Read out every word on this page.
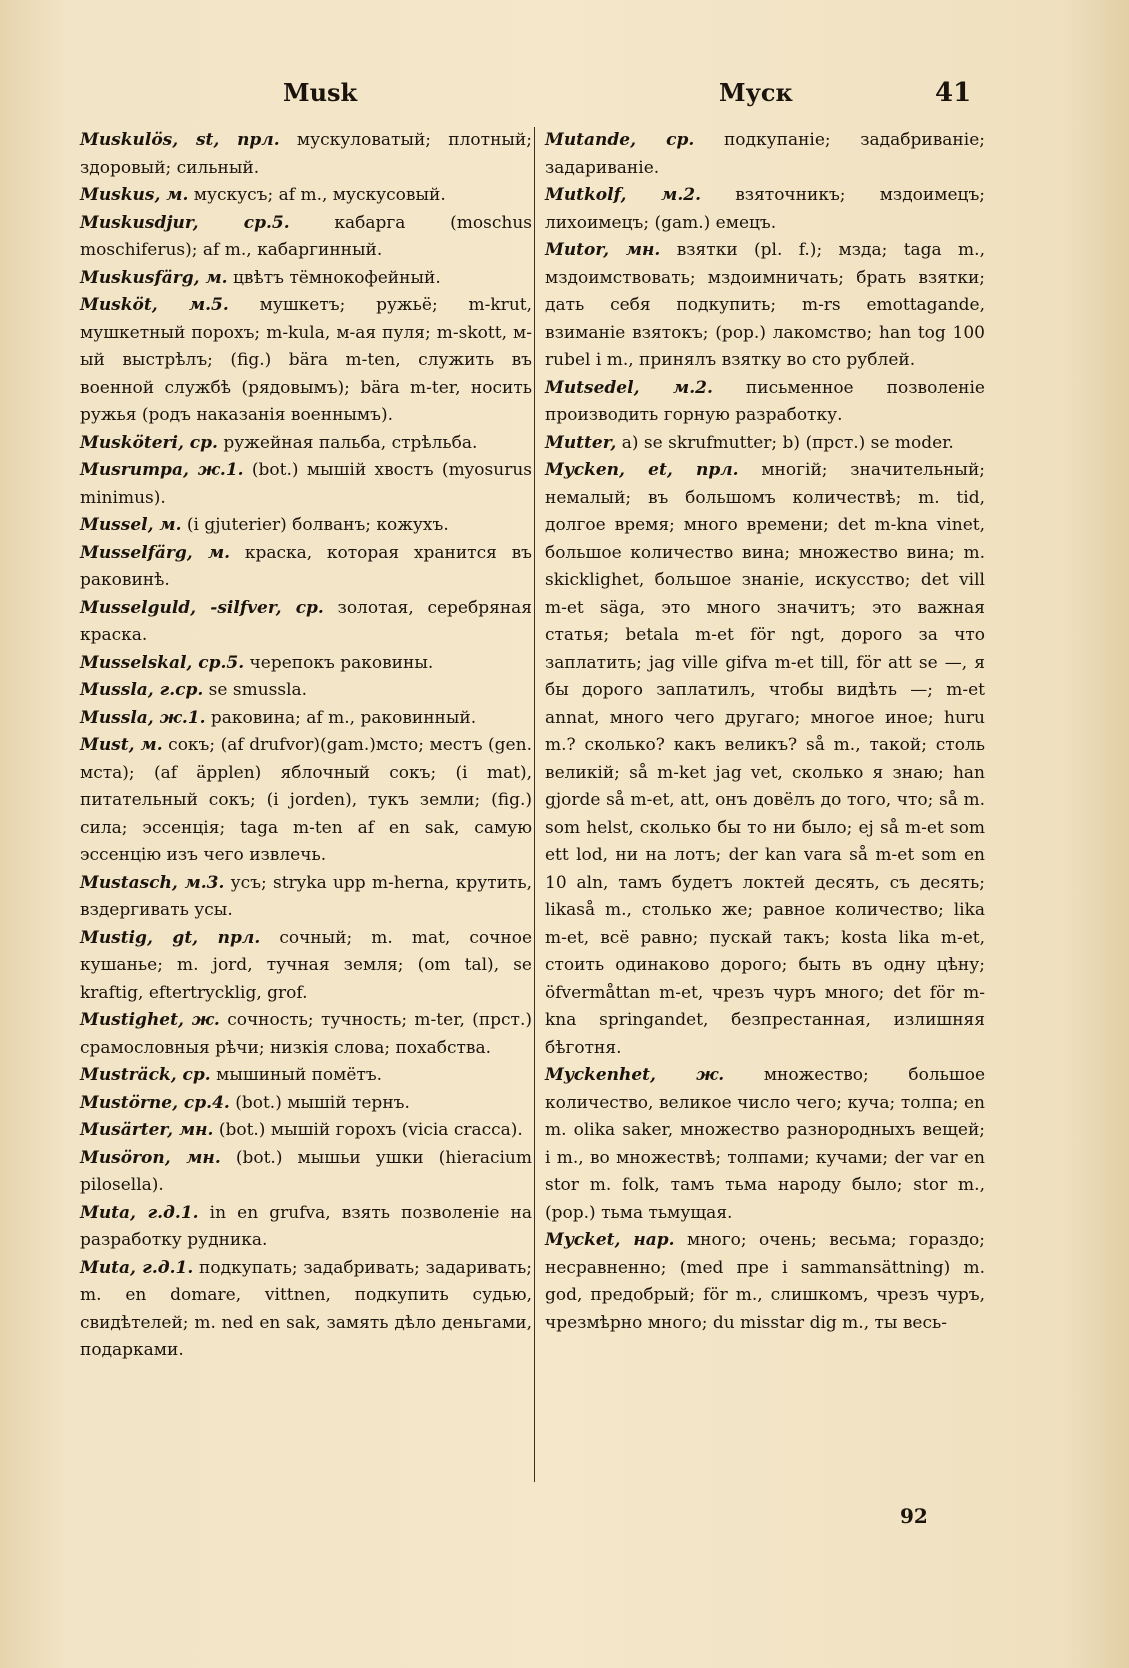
Musk	Муск	41

Muskulös, st, прл. мускуловатый; плотный; здоровый; сильный.

Muskus, м. мускусъ; af m., мускусовый.

Muskusdjur, ср.5. кабарга (moschus moschiferus); af m., кабаргинный.

Muskusfärg, м. цвѣтъ тёмнокофейный.

Musköt, м.5. мушкетъ; ружьё; m-krut, мушкетный порохъ; m-kula, м-ая пуля; m-skott, м-ый выстрѣлъ; (fig.) bära m-ten, служить въ военной службѣ (рядовымъ); bära m-ter, носить ружья (родъ наказанія военнымъ).

Musköteri, ср. ружейная пальба, стрѣльба.

Musrumpa, ж.1. (bot.) мышій хвостъ (myosurus minimus).

Mussel, м. (i gjuterier) болванъ; кожухъ.

Musselfärg, м. краска, которая хранится въ раковинѣ.

Musselguld, -silfver, ср. золотая, серебряная краска.

Musselskal, ср.5. черепокъ раковины.

Mussla, г.ср. se smussla.

Mussla, ж.1. раковина; af m., раковинный.

Must, м. сокъ; (af drufvor)(gam.)мсто; местъ (gen. мста); (af äpplen) яблочный сокъ; (i mat), питательный сокъ; (i jorden), тукъ земли; (fig.) сила; эссенція; taga m-ten af en sak, самую эссенцію изъ чего извлечь.

Mustasch, м.3. усъ; stryka upp m-herna, крутить, вздергивать усы.

Mustig, gt, прл. сочный; m. mat, сочное кушанье; m. jord, тучная земля; (om tal), se kraftig, eftertrycklig, grof.

Mustighet, ж. сочность; тучность; m-ter, (прст.) срамословныя рѣчи; низкія слова; похабства.

Musträck, ср. мышиный помётъ.

Mustörne, ср.4. (bot.) мышій тернъ.

Musärter, мн. (bot.) мышій горохъ (vicia cracca).

Musöron, мн. (bot.) мышьи ушки (hieracium pilosella).

Muta, г.д.1. in en grufva, взять позволеніе на разработку рудника.

Muta, г.д.1. подкупать; задабривать; задаривать; m. en domare, vittnen, подкупить судью, свидѣтелей; m. ned en sak, замять дѣло деньгами, подарками.

Mutande, ср. подкупаніе; задабриваніе; задариваніе.

Mutkolf, м.2. взяточникъ; мздоимецъ; лихоимецъ; (gam.) емецъ.

Mutor, мн. взятки (pl. f.); мзда; taga m., мздоимствовать; мздоимничать; брать взятки; дать себя подкупить; m-rs emottagande, взиманіе взятокъ; (pop.) лакомство; han tog 100 rubel i m., принялъ взятку во сто рублей.

Mutsedel, м.2. письменное позволеніе производить горную разработку.

Mutter, a) se skrufmutter; b) (прст.) se moder.

Mycken, et, прл. многій; значительный; немалый; въ большомъ количествѣ; m. tid, долгое время; много времени; det m-kna vinet, большое количество вина; множество вина; m. skicklighet, большое знаніе, искусство; det vill m-et säga, это много значитъ; это важная статья; betala m-et för ngt, дорого за что заплатить; jag ville gifva m-et till, för att se —, я бы дорого заплатилъ, чтобы видѣть —; m-et annat, много чего другаго; многое иное; huru m.? сколько? какъ великъ? så m., такой; столь великій; så m-ket jag vet, сколько я знаю; han gjorde så m-et, att, онъ довёлъ до того, что; så m. som helst, сколько бы то ни было; ej så m-et som ett lod, ни на лотъ; der kan vara så m-et som en 10 aln, тамъ будетъ локтей десять, съ десять; likaså m., столько же; равное количество; lika m-et, всё равно; пускай такъ; kosta lika m-et, стоить одинаково дорого; быть въ одну цѣну; öfvermåttan m-et, чрезъ чуръ много; det för m-kna springandet, безпрестанная, излишняя бѣготня.

Myckenhet, ж. множество; большое количество, великое число чего; куча; толпа; en m. olika saker, множество разнородныхъ вещей; i m., во множествѣ; толпами; кучами; der var en stor m. folk, тамъ тьма народу было; stor m., (pop.) тьма тьмущая.

Mycket, нар. много; очень; весьма; гораздо; несравненно; (med пре i sammansättning) m. god, предобрый; för m., слишкомъ, чрезъ чуръ, чрезмѣрно много; du misstar dig m., ты весь-

92
